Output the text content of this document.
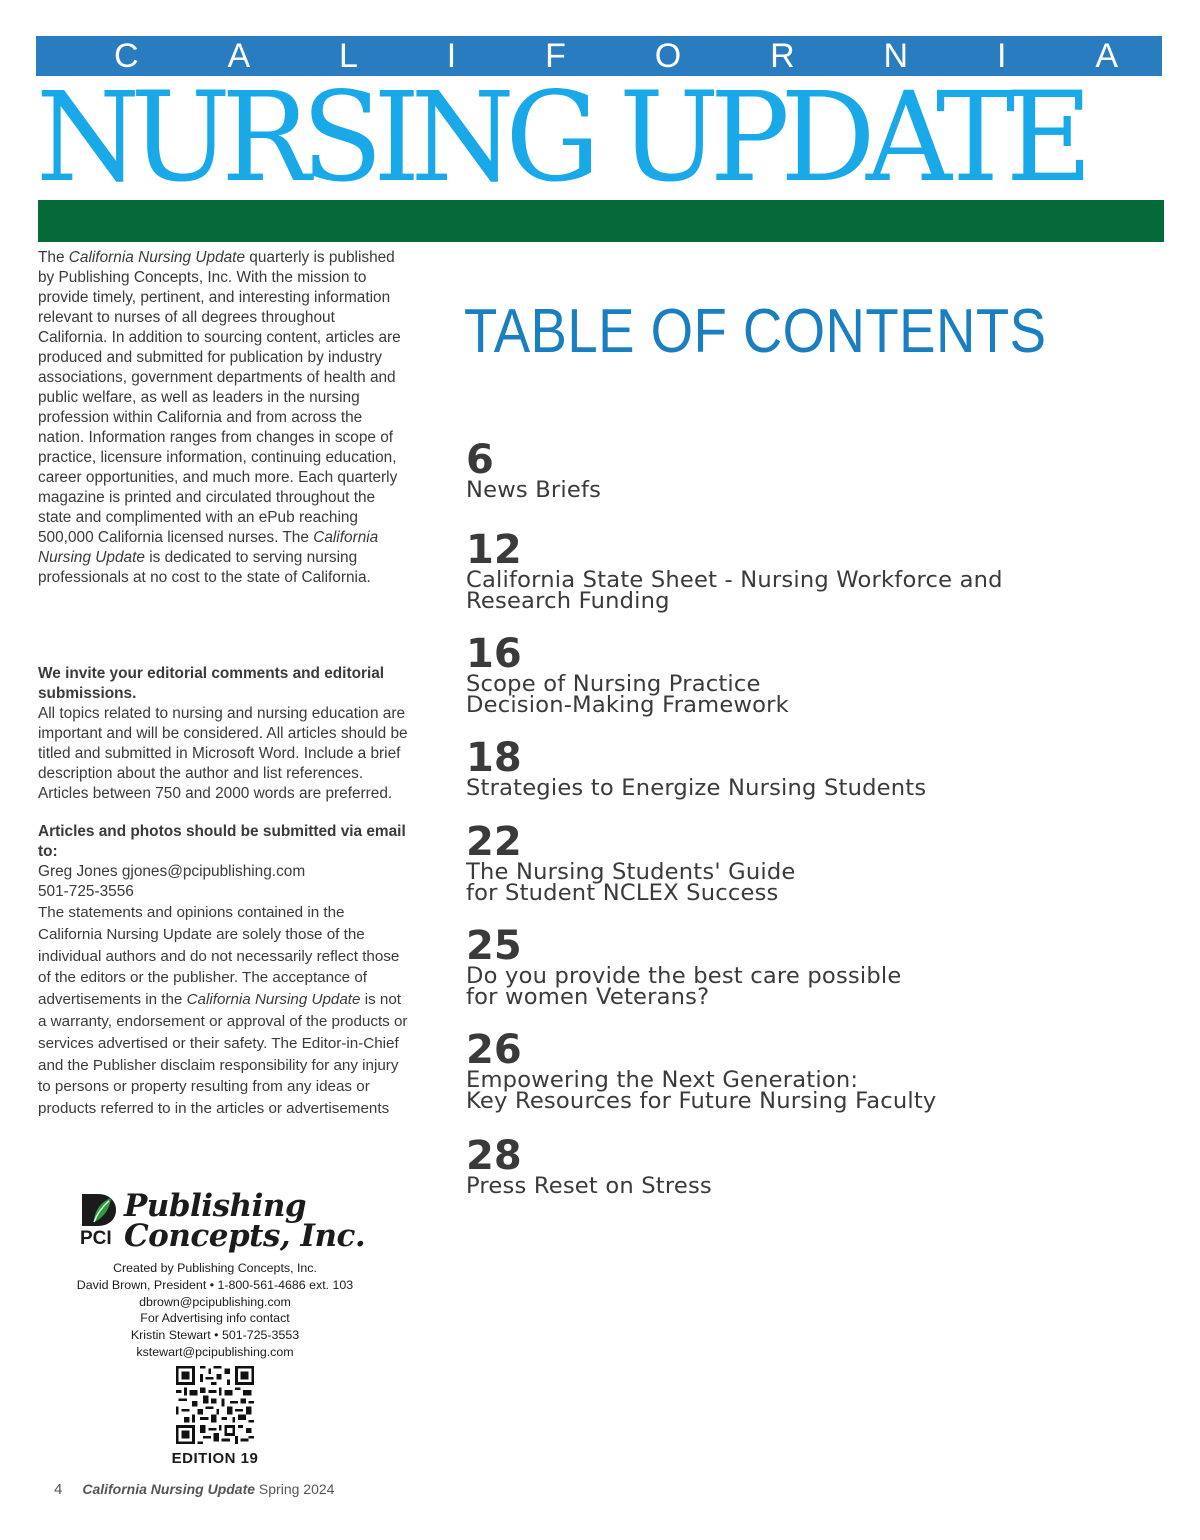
C	A	L	I	F	O	R	N	I	A
NURSING UPDATE

The California Nursing Update quarterly is published by Publishing Concepts, Inc. With the mission to provide timely, pertinent, and interesting information relevant to nurses of all degrees throughout California. In addition to sourcing content, articles are produced and submitted for publication by industry associations, government departments of health and public welfare, as well as leaders in the nursing profession within California and from across the nation. Information ranges from changes in scope of practice, licensure information, continuing education, career opportunities, and much more. Each quarterly magazine is printed and circulated throughout the state and complimented with an ePub reaching 500,000 California licensed nurses. The California Nursing Update is dedicated to serving nursing professionals at no cost to the state of California.

We invite your editorial comments and editorial submissions.

All topics related to nursing and nursing education are important and will be considered. All articles should be titled and submitted in Microsoft Word. Include a brief description about the author and list references. Articles between 750 and 2000 words are preferred.

Articles and photos should be submitted via email to:

Greg Jones gjones@pcipublishing.com

501-725-3556

The statements and opinions contained in the California Nursing Update are solely those of the individual authors and do not necessarily reflect those of the editors or the publisher. The acceptance of advertisements in the California Nursing Update is not a warranty, endorsement or approval of the products or services advertised or their safety. The Editor-in-Chief and the Publisher disclaim responsibility for any injury to persons or property resulting from any ideas or products referred to in the articles or advertisements

PCI
Publishing
Concepts, Inc.
Created by Publishing Concepts, Inc.
David Brown, President • 1-800-561-4686 ext. 103
dbrown@pcipublishing.com
For Advertising info contact
Kristin Stewart • 501-725-3553
kstewart@pcipublishing.com
EDITION 19
4 California Nursing Update Spring 2024
TABLE OF CONTENTS
6
News Briefs
12
California State Sheet - Nursing Workforce and
Research Funding
16
Scope of Nursing Practice
Decision-Making Framework
18
Strategies to Energize Nursing Students
22
The Nursing Students' Guide
for Student NCLEX Success
25
Do you provide the best care possible
for women Veterans?
26
Empowering the Next Generation:
Key Resources for Future Nursing Faculty
28
Press Reset on Stress
